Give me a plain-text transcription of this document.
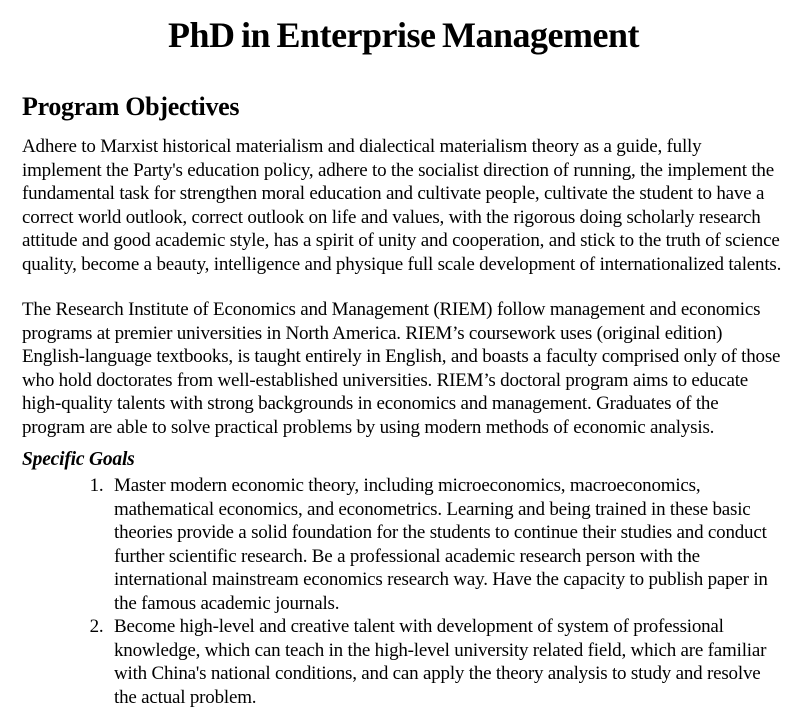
PhD in Enterprise Management
Program Objectives

Adhere to Marxist historical materialism and dialectical materialism theory as a guide, fully implement the Party's education policy, adhere to the socialist direction of running, the implement the fundamental task for strengthen moral education and cultivate people, cultivate the student to have a correct world outlook, correct outlook on life and values, with the rigorous doing scholarly research attitude and good academic style, has a spirit of unity and cooperation, and stick to the truth of science quality, become a beauty, intelligence and physique full scale development of internationalized talents.

The Research Institute of Economics and Management (RIEM) follow management and economics programs at premier universities in North America. RIEM’s coursework uses (original edition) English-language textbooks, is taught entirely in English, and boasts a faculty comprised only of those who hold doctorates from well-established universities. RIEM’s doctoral program aims to educate high-quality talents with strong backgrounds in economics and management. Graduates of the program are able to solve practical problems by using modern methods of economic analysis.

Specific Goals
1. Master modern economic theory, including microeconomics, macroeconomics, mathematical economics, and econometrics. Learning and being trained in these basic theories provide a solid foundation for the students to continue their studies and conduct further scientific research. Be a professional academic research person with the international mainstream economics research way. Have the capacity to publish paper in the famous academic journals.
2. Become high-level and creative talent with development of system of professional knowledge, which can teach in the high-level university related field, which are familiar with China's national conditions, and can apply the theory analysis to study and resolve the actual problem.
